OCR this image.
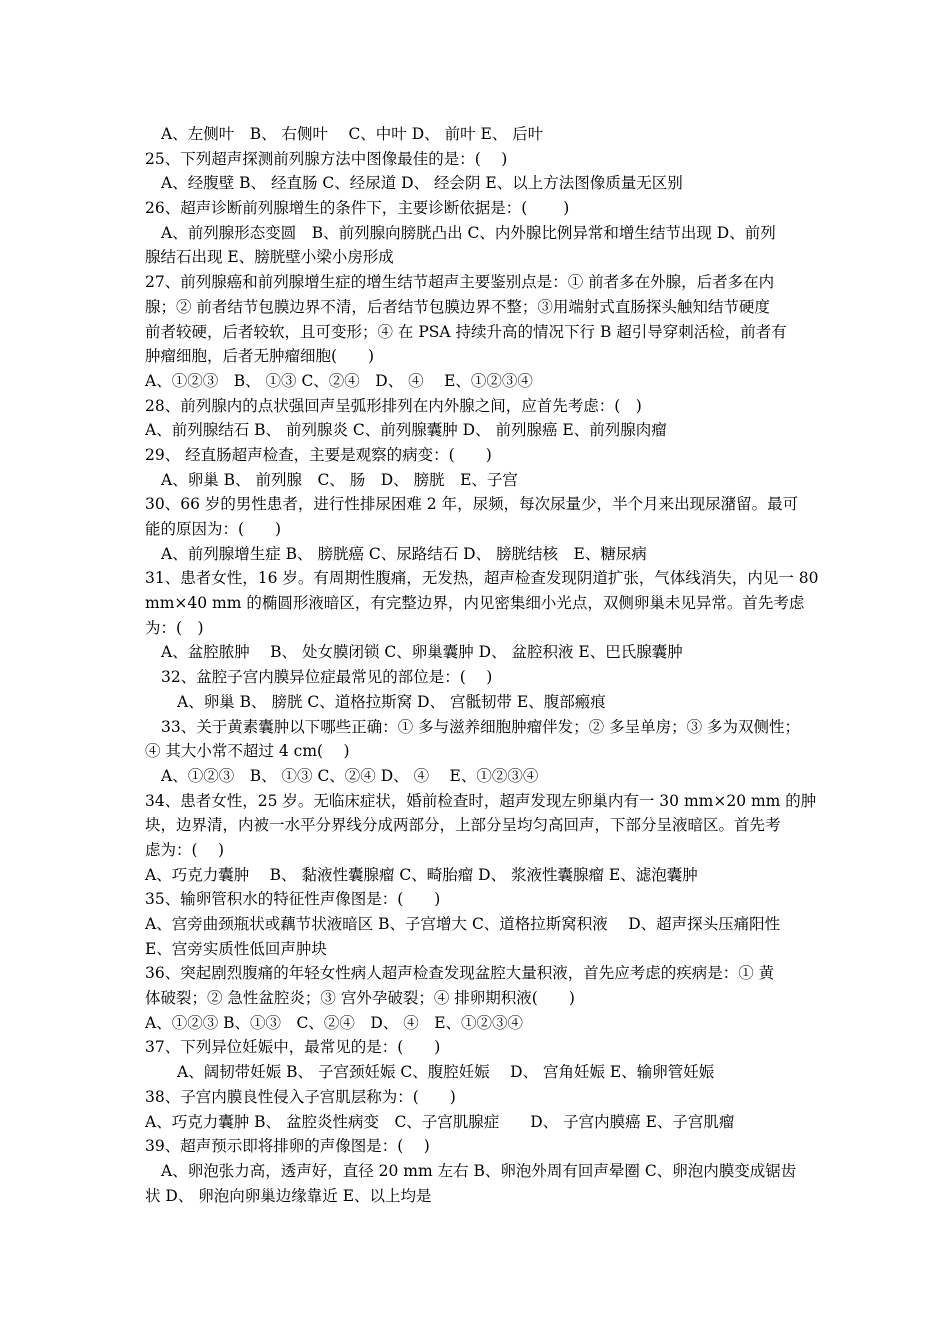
A、左侧叶　B、 右侧叶　 C、中叶 D、 前叶 E、 后叶
25、下列超声探测前列腺方法中图像最佳的是：(　 )
A、经腹壁 B、 经直肠 C、经尿道 D、 经会阴 E、以上方法图像质量无区别
26、超声诊断前列腺增生的条件下，主要诊断依据是：(　　 )
A、前列腺形态变圆　B、前列腺向膀胱凸出 C、内外腺比例异常和增生结节出现 D、前列
腺结石出现 E、膀胱壁小梁小房形成
27、前列腺癌和前列腺增生症的增生结节超声主要鉴别点是：① 前者多在外腺，后者多在内
腺；② 前者结节包膜边界不清，后者结节包膜边界不整；③用端射式直肠探头触知结节硬度
前者较硬，后者较软，且可变形；④ 在 PSA 持续升高的情况下行 B 超引导穿刺活检，前者有
肿瘤细胞，后者无肿瘤细胞(　　)
A、①②③　B、 ①③ C、②④　D、 ④　 E、①②③④
28、前列腺内的点状强回声呈弧形排列在内外腺之间，应首先考虑：(　)
A、前列腺结石 B、 前列腺炎 C、前列腺囊肿 D、 前列腺癌 E、前列腺肉瘤
29、 经直肠超声检查，主要是观察的病变：(　　)
A、卵巢 B、 前列腺　C、 肠　D、 膀胱　E、子宫
30、66 岁的男性患者，进行性排尿困难 2 年，尿频，每次尿量少，半个月来出现尿潴留。最可
能的原因为：(　　)
A、前列腺增生症 B、 膀胱癌 C、尿路结石 D、 膀胱结核　E、糖尿病
31、患者女性，16 岁。有周期性腹痛，无发热，超声检查发现阴道扩张，气体线消失，内见一 80
mm×40 mm 的椭圆形液暗区，有完整边界，内见密集细小光点，双侧卵巢未见异常。首先考虑
为：(　)
A、盆腔脓肿　 B、 处女膜闭锁 C、卵巢囊肿 D、 盆腔积液 E、巴氏腺囊肿
32、盆腔子宫内膜异位症最常见的部位是：(　 )
A、卵巢 B、 膀胱 C、道格拉斯窝 D、 宫骶韧带 E、腹部瘢痕
33、关于黄素囊肿以下哪些正确：① 多与滋养细胞肿瘤伴发；② 多呈单房；③ 多为双侧性；
④ 其大小常不超过 4 cm(　 )
A、①②③　B、 ①③ C、②④ D、 ④　 E、①②③④
34、患者女性，25 岁。无临床症状，婚前检查时，超声发现左卵巢内有一 30 mm×20 mm 的肿
块，边界清，内被一水平分界线分成两部分，上部分呈均匀高回声，下部分呈液暗区。首先考
虑为：(　 )
A、巧克力囊肿　 B、 黏液性囊腺瘤 C、畸胎瘤 D、 浆液性囊腺瘤 E、滤泡囊肿
35、输卵管积水的特征性声像图是：(　　)
A、宫旁曲颈瓶状或藕节状液暗区 B、子宫增大 C、道格拉斯窝积液　 D、超声探头压痛阳性
E、宫旁实质性低回声肿块
36、突起剧烈腹痛的年轻女性病人超声检查发现盆腔大量积液，首先应考虑的疾病是：① 黄
体破裂；② 急性盆腔炎；③ 宫外孕破裂；④ 排卵期积液(　　)
A、①②③ B、①③　C、②④　D、 ④　E、①②③④
37、下列异位妊娠中，最常见的是：(　　)
A、阔韧带妊娠 B、 子宫颈妊娠 C、腹腔妊娠　 D、 宫角妊娠 E、输卵管妊娠
38、子宫内膜良性侵入子宫肌层称为：(　　)
A、巧克力囊肿 B、 盆腔炎性病变　C、子宫肌腺症　　D、 子宫内膜癌 E、子宫肌瘤
39、超声预示即将排卵的声像图是：(　 )
A、卵泡张力高，透声好，直径 20 mm 左右 B、卵泡外周有回声晕圈 C、卵泡内膜变成锯齿
状 D、 卵泡向卵巢边缘靠近 E、以上均是
